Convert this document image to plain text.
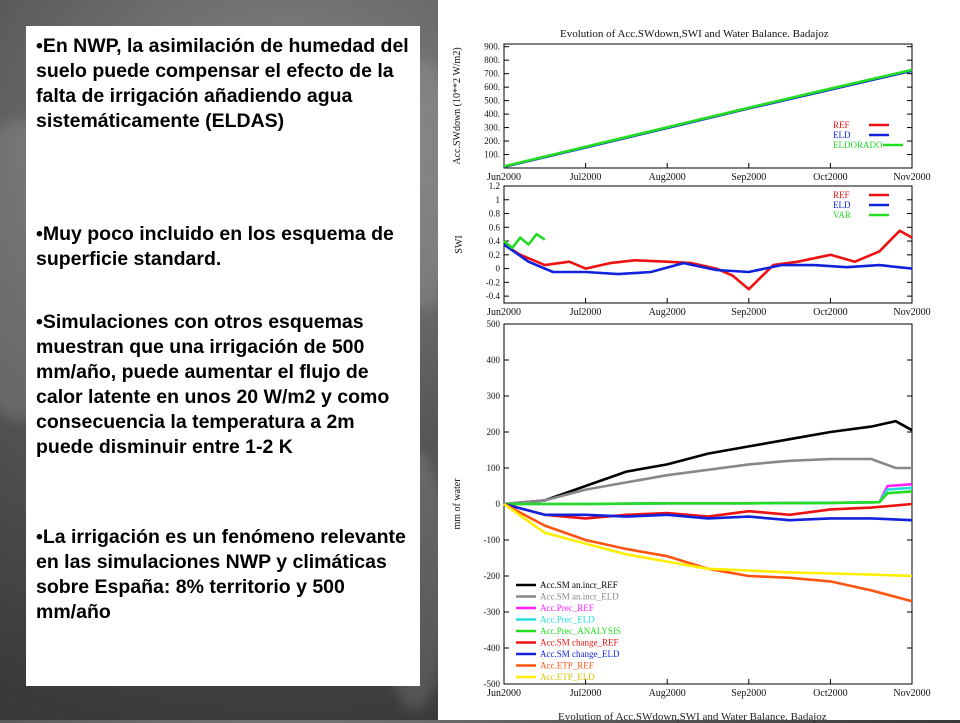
•En NWP, la asimilación de humedad del suelo puede compensar el efecto de la falta de irrigación añadiendo agua sistemáticamente (ELDAS)

•Muy poco incluido en los esquema de superficie standard.

•Simulaciones con otros esquemas muestran que una irrigación de 500 mm/año, puede aumentar el flujo de calor latente en unos 20 W/m2 y como consecuencia la temperatura a 2m puede disminuir entre 1-2 K

•La irrigación es un fenómeno relevante en las simulaciones NWP y climáticas sobre España: 8% territorio y 500 mm/año

Evolution of Acc.SWdown,SWI and Water Balance. Badajoz
100.
200.
300.
400.
500.
600.
700.
800.
900.
Jun2000	Jul2000	Aug2000	Sep2000	Oct2000	Nov2000
Acc.SWdown (10**2 W/m2)	REF
ELD
ELDORADO
-0.4
-0.2
0
0.2
0.4
0.6
0.8
1
1.2
Jun2000	Jul2000	Aug2000	Sep2000	Oct2000	Nov2000
SWI
REF
ELD
VAR
-500
-400
-300
-200
-100
0
100
200
300
400
500
Jun2000	Jul2000	Aug2000	Sep2000	Oct2000	Nov2000
mm of water
Acc.SM an.incr_REF
Acc.SM an.incr_ELD
Acc.Prec_REF
Acc.Prec_ELD
Acc.Prec_ANALYSIS
Acc.SM change_REF
Acc.SM change_ELD
Acc.ETP_REF
Acc.ETP_ELD
Evolution of Acc.SWdown,SWI and Water Balance. Badajoz
